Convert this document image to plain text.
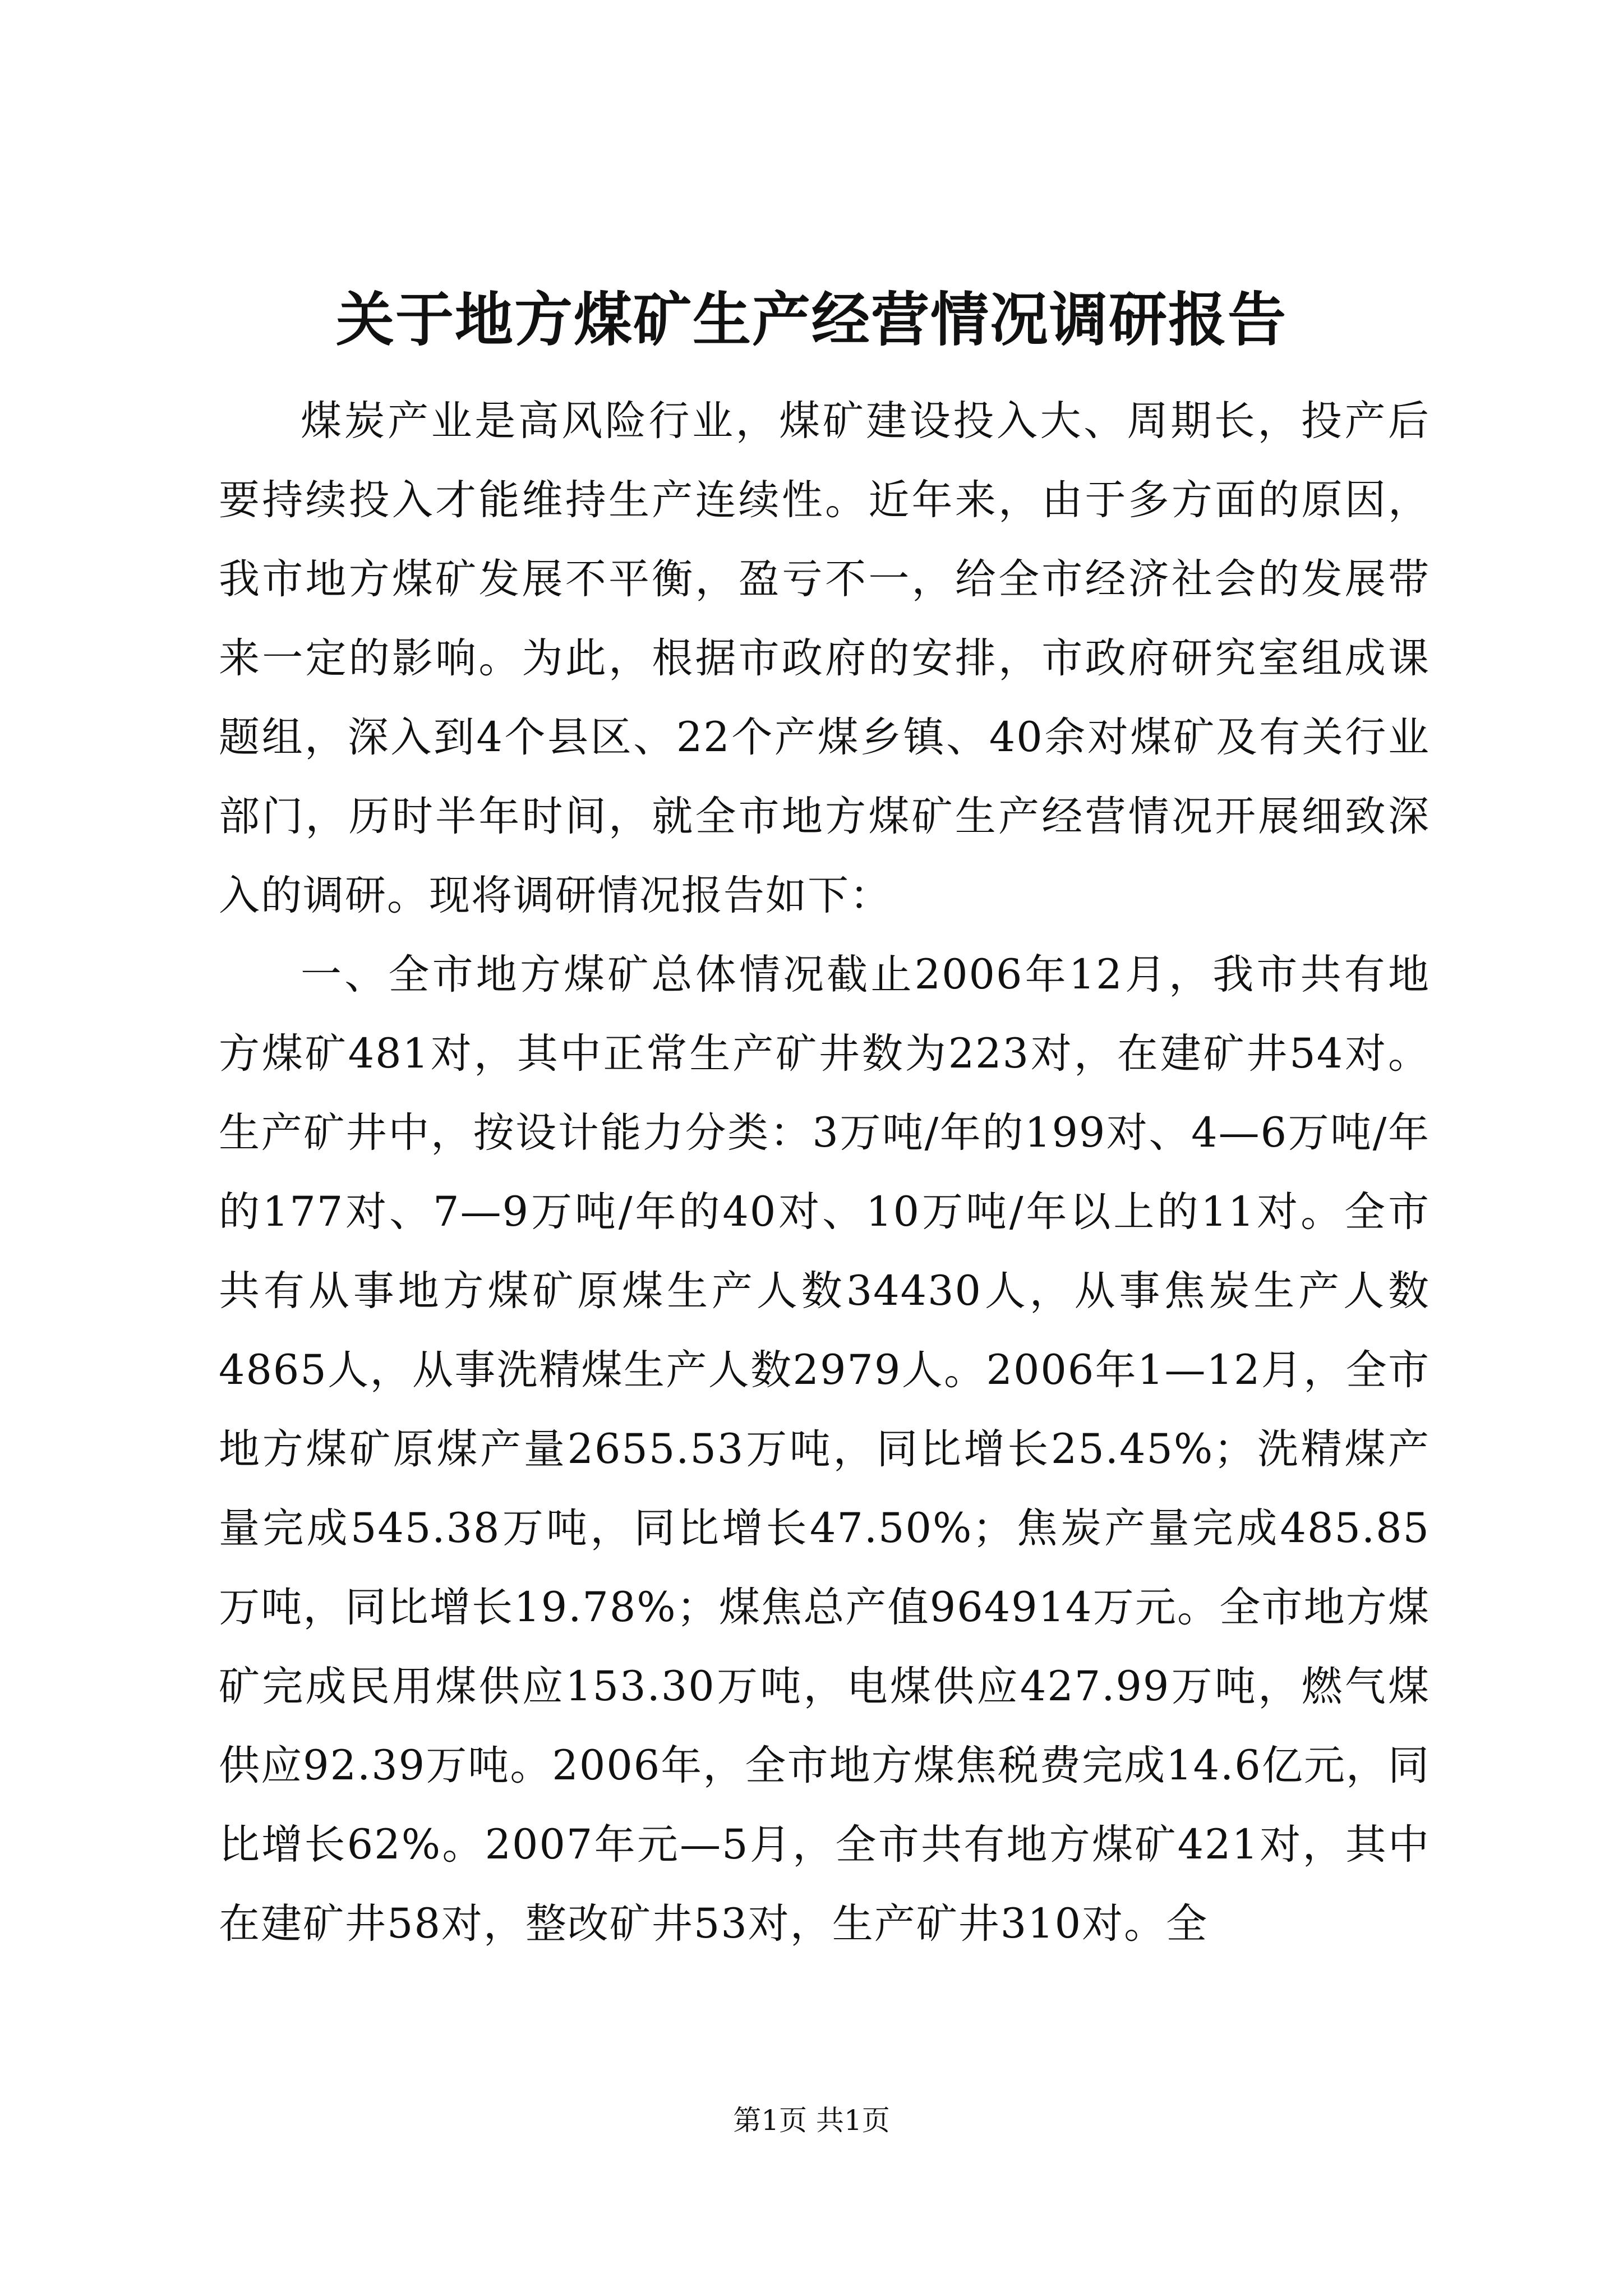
关于地方煤矿生产经营情况调研报告

煤炭产业是高风险行业，煤矿建设投入大、周期长，投产后要持续投入才能维持生产连续性。近年来，由于多方面的原因，我市地方煤矿发展不平衡，盈亏不一，给全市经济社会的发展带来一定的影响。为此，根据市政府的安排，市政府研究室组成课题组，深入到4个县区、22个产煤乡镇、40余对煤矿及有关行业部门，历时半年时间，就全市地方煤矿生产经营情况开展细致深入的调研。现将调研情况报告如下：

一、全市地方煤矿总体情况截止2006年12月，我市共有地方煤矿481对，其中正常生产矿井数为223对，在建矿井54对。生产矿井中，按设计能力分类：3万吨/年的199对、4—6万吨/年的177对、7—9万吨/年的40对、10万吨/年以上的11对。全市共有从事地方煤矿原煤生产人数34430人，从事焦炭生产人数4865人，从事洗精煤生产人数2979人。2006年1—12月，全市地方煤矿原煤产量2655.53万吨，同比增长25.45%；洗精煤产量完成545.38万吨，同比增长47.50%；焦炭产量完成485.85万吨，同比增长19.78%；煤焦总产值964914万元。全市地方煤矿完成民用煤供应153.30万吨，电煤供应427.99万吨，燃气煤供应92.39万吨。2006年，全市地方煤焦税费完成14.6亿元，同比增长62%。2007年元—5月，全市共有地方煤矿421对，其中在建矿井58对，整改矿井53对，生产矿井310对。全

第1页 共1页
